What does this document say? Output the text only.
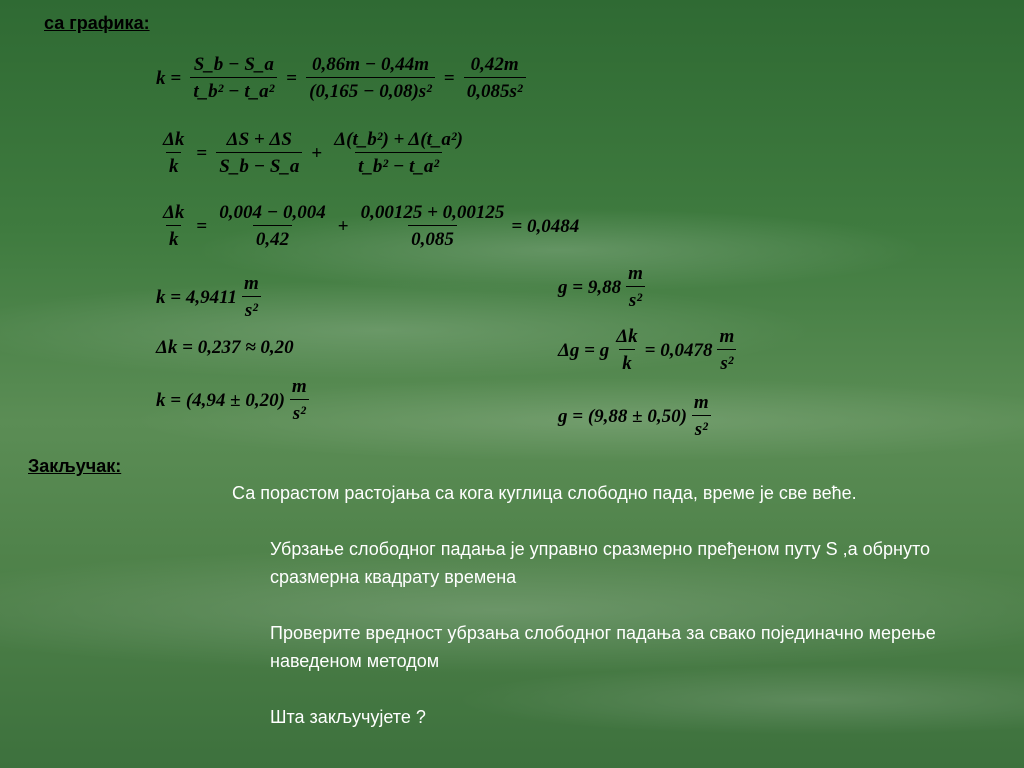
са графика:
$k = \frac{S\_b - S\_a}{\text{t\_b² − t\_a²}} = \frac{0,86m - 0,44m}{\text{(0,165 − 0,08)s²}} = \frac{0,42m}{\text{0,085s²}}$
$\frac{\Delta k}{k} = \frac{\Delta S + \Delta S}{S\_b - S\_a} + \frac{\text{Δ(t\_b²) + Δ(t\_a²)}}{\text{t\_b² − t\_a²}}$
$\frac{\Delta k}{k} = \frac{0,004 - 0,004}{0,42} + \frac{0,00125 + 0,00125}{0,085} = 0,0484$
$k = 4,9411 \frac{m}{\text{s²}}$
Δk = 0,237 ≈ 0,20
$k = (4,94 \pm 0,20) \frac{m}{\text{s²}}$
$g = 9,88 \frac{m}{\text{s²}}$
Δg = g $\frac{\Delta k}{k} = 0,0478 \frac{m}{\text{s²}}$
$g = (9,88 \pm 0,50) \frac{m}{\text{s²}}$
Закључак:

Са порастом растојања са кога куглица слободно пада, време је све веће.

Убрзање слободног падања је управно сразмерно пређеном путу S ,а обрнуто сразмерна квадрату времена

Проверите вредност убрзања слободног падања за свако појединачно мерење наведеном методом

Шта закључујете ?
